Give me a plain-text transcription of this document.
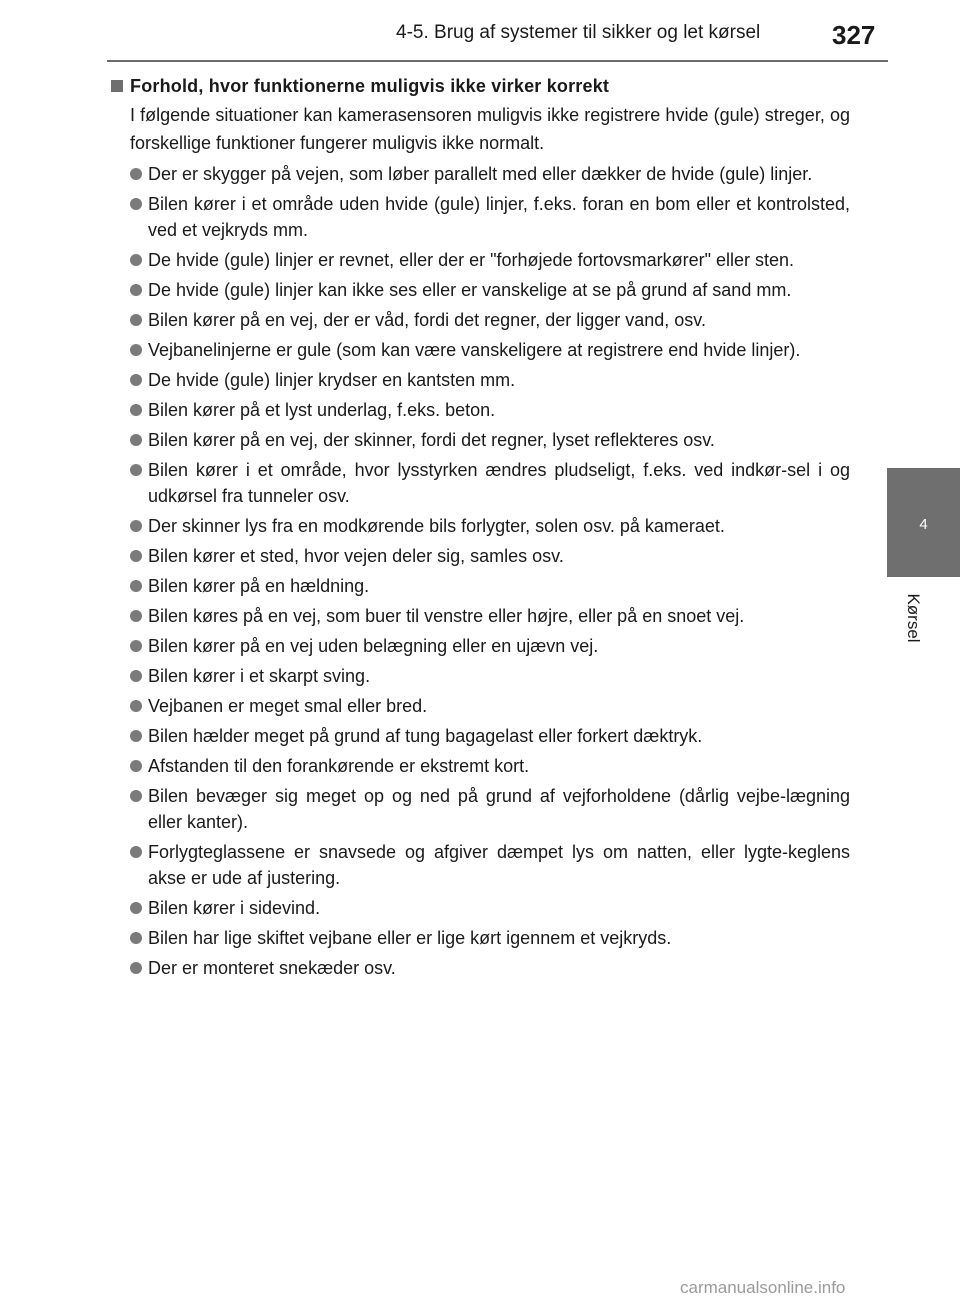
4-5. Brug af systemer til sikker og let kørsel	327
4
Kørsel
Forhold, hvor funktionerne muligvis ikke virker korrekt
I følgende situationer kan kamerasensoren muligvis ikke registrere hvide (gule) streger, og forskellige funktioner fungerer muligvis ikke normalt.
Der er skygger på vejen, som løber parallelt med eller dækker de hvide (gule) linjer.
Bilen kører i et område uden hvide (gule) linjer, f.eks. foran en bom eller et kontrolsted, ved et vejkryds mm.
De hvide (gule) linjer er revnet, eller der er "forhøjede fortovsmarkører" eller sten.
De hvide (gule) linjer kan ikke ses eller er vanskelige at se på grund af sand mm.
Bilen kører på en vej, der er våd, fordi det regner, der ligger vand, osv.
Vejbanelinjerne er gule (som kan være vanskeligere at registrere end hvide linjer).
De hvide (gule) linjer krydser en kantsten mm.
Bilen kører på et lyst underlag, f.eks. beton.
Bilen kører på en vej, der skinner, fordi det regner, lyset reflekteres osv.
Bilen kører i et område, hvor lysstyrken ændres pludseligt, f.eks. ved indkør-sel i og udkørsel fra tunneler osv.
Der skinner lys fra en modkørende bils forlygter, solen osv. på kameraet.
Bilen kører et sted, hvor vejen deler sig, samles osv.
Bilen kører på en hældning.
Bilen køres på en vej, som buer til venstre eller højre, eller på en snoet vej.
Bilen kører på en vej uden belægning eller en ujævn vej.
Bilen kører i et skarpt sving.
Vejbanen er meget smal eller bred.
Bilen hælder meget på grund af tung bagagelast eller forkert dæktryk.
Afstanden til den forankørende er ekstremt kort.
Bilen bevæger sig meget op og ned på grund af vejforholdene (dårlig vejbe-lægning eller kanter).
Forlygteglassene er snavsede og afgiver dæmpet lys om natten, eller lygte-keglens akse er ude af justering.
Bilen kører i sidevind.
Bilen har lige skiftet vejbane eller er lige kørt igennem et vejkryds.
Der er monteret snekæder osv.
carmanualsonline.info
